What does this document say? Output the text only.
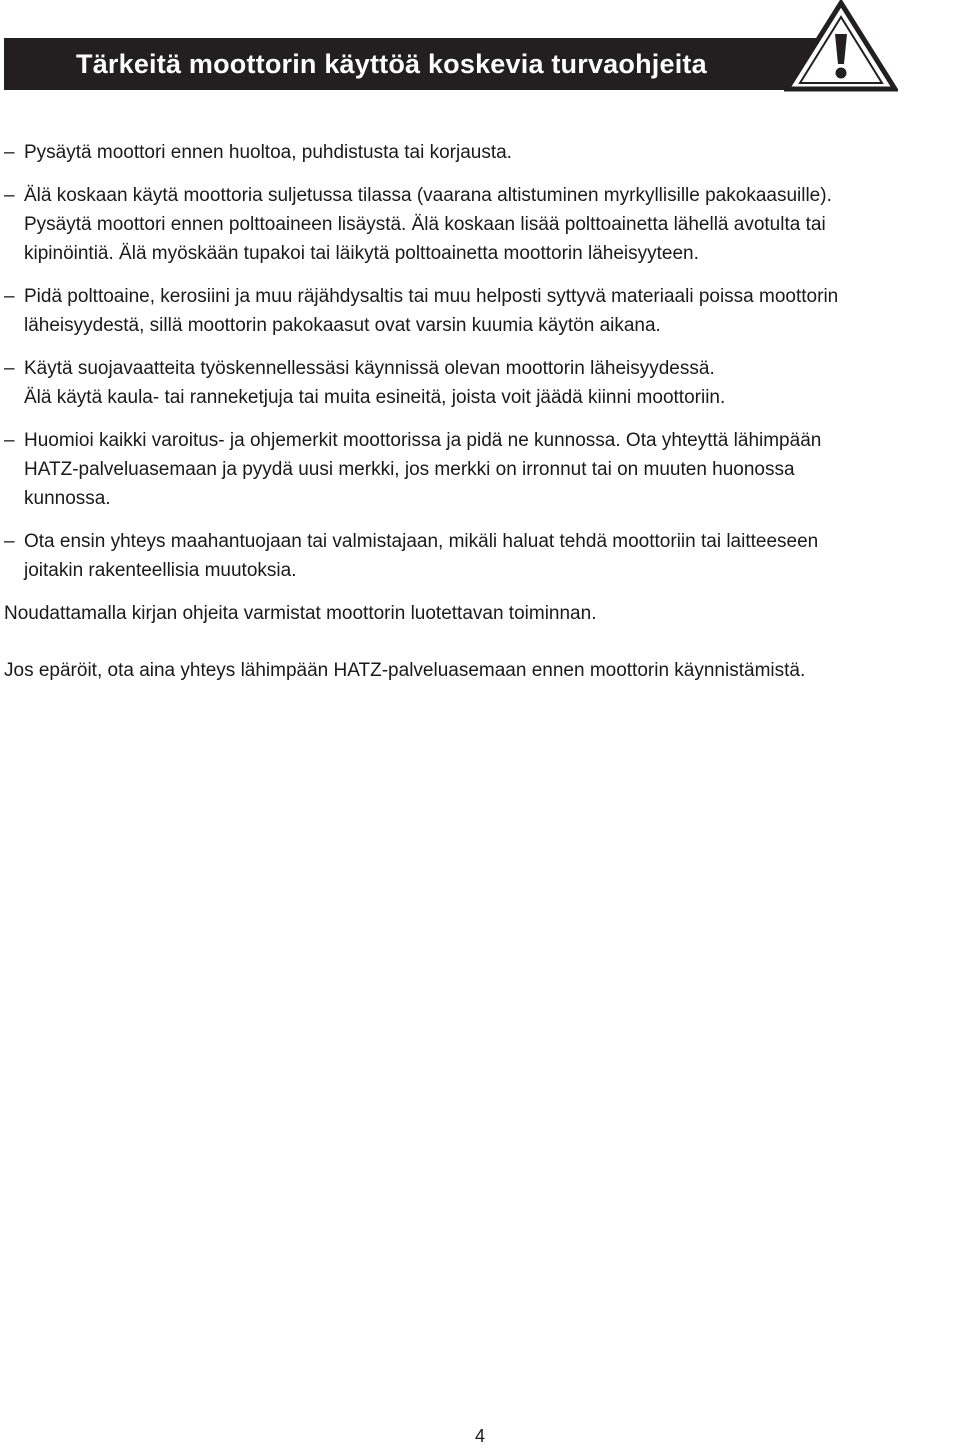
Tärkeitä moottorin käyttöä koskevia turvaohjeita
– Pysäytä moottori ennen huoltoa, puhdistusta tai korjausta.
– Älä koskaan käytä moottoria suljetussa tilassa (vaarana altistuminen myrkyllisille pakokaasuille).
Pysäytä moottori ennen polttoaineen lisäystä. Älä koskaan lisää polttoainetta lähellä avotulta tai
kipinöintiä. Älä myöskään tupakoi tai läikytä polttoainetta moottorin läheisyyteen.
– Pidä polttoaine, kerosiini ja muu räjähdysaltis tai muu helposti syttyvä materiaali poissa moottorin
läheisyydestä, sillä moottorin pakokaasut ovat varsin kuumia käytön aikana.
– Käytä suojavaatteita työskennellessäsi käynnissä olevan moottorin läheisyydessä.
Älä käytä kaula- tai ranneketjuja tai muita esineitä, joista voit jäädä kiinni moottoriin.
– Huomioi kaikki varoitus- ja ohjemerkit moottorissa ja pidä ne kunnossa. Ota yhteyttä lähimpään
HATZ-palveluasemaan ja pyydä uusi merkki, jos merkki on irronnut tai on muuten huonossa
kunnossa.
– Ota ensin yhteys maahantuojaan tai valmistajaan, mikäli haluat tehdä moottoriin tai laitteeseen
joitakin rakenteellisia muutoksia.

Noudattamalla kirjan ohjeita varmistat moottorin luotettavan toiminnan.

Jos epäröit, ota aina yhteys lähimpään HATZ-palveluasemaan ennen moottorin käynnistämistä.

4
